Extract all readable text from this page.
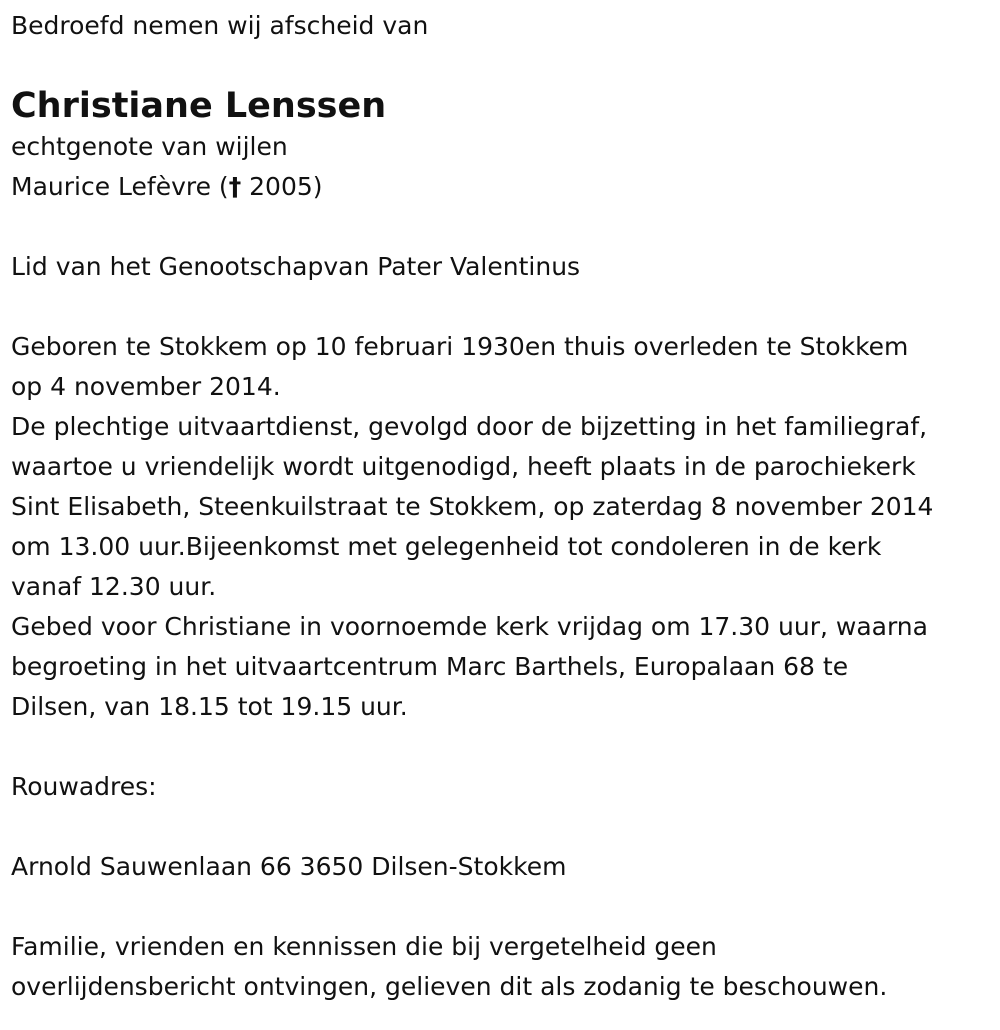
Bedroefd nemen wij afscheid van
Christiane Lenssen
echtgenote van wijlen
Maurice Lefèvre († 2005)
Lid van het Genootschapvan Pater Valentinus
Geboren te Stokkem op 10 februari 1930en thuis overleden te Stokkem
op 4 november 2014.
De plechtige uitvaartdienst, gevolgd door de bijzetting in het familiegraf,
waartoe u vriendelijk wordt uitgenodigd, heeft plaats in de parochiekerk
Sint Elisabeth, Steenkuilstraat te Stokkem, op zaterdag 8 november 2014
om 13.00 uur.Bijeenkomst met gelegenheid tot condoleren in de kerk
vanaf 12.30 uur.
Gebed voor Christiane in voornoemde kerk vrijdag om 17.30 uur, waarna
begroeting in het uitvaartcentrum Marc Barthels, Europalaan 68 te
Dilsen, van 18.15 tot 19.15 uur.
Rouwadres:
Arnold Sauwenlaan 66 3650 Dilsen-Stokkem
Familie, vrienden en kennissen die bij vergetelheid geen
overlijdensbericht ontvingen, gelieven dit als zodanig te beschouwen.
